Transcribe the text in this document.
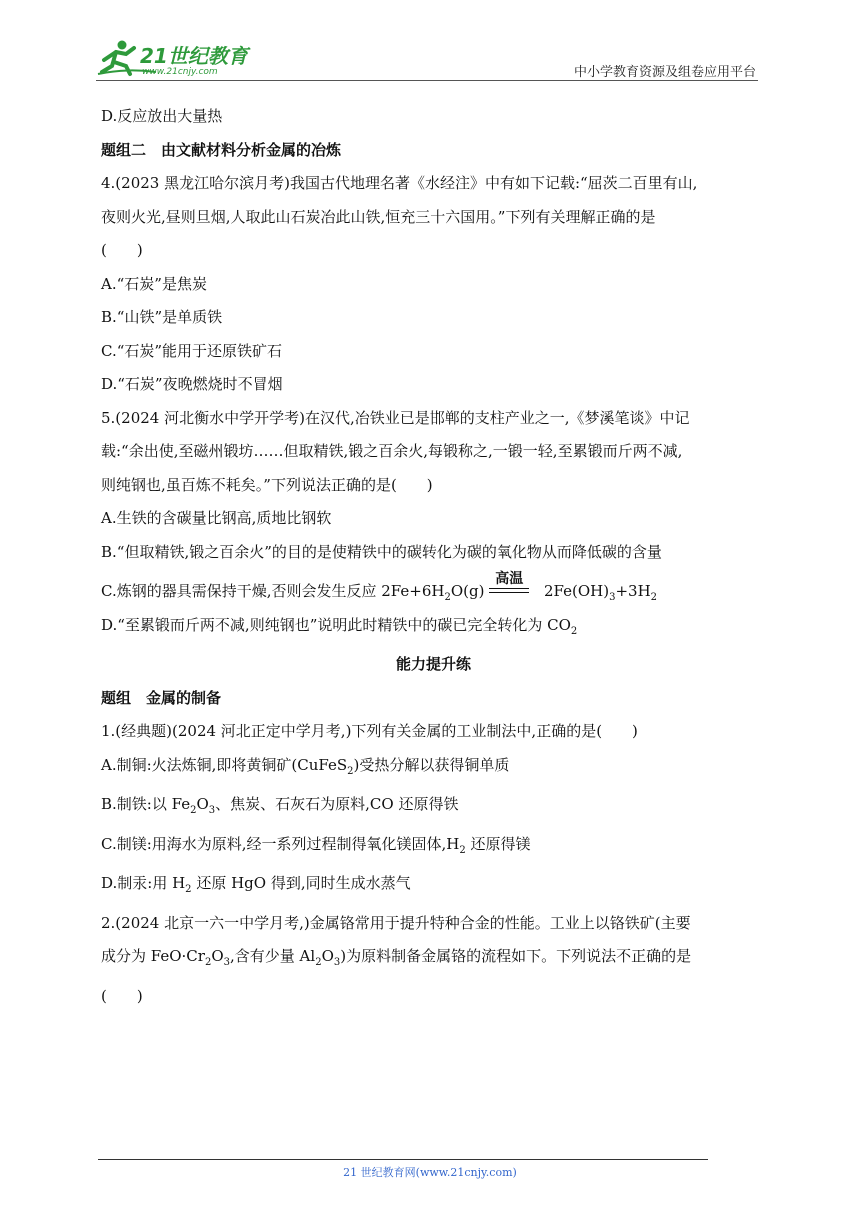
21世纪教育
www.21cnjy.com	中小学教育资源及组卷应用平台
D.反应放出大量热
题组二　由文献材料分析金属的冶炼
4.(2023 黑龙江哈尔滨月考)我国古代地理名著《水经注》中有如下记载:“屈茨二百里有山,
夜则火光,昼则旦烟,人取此山石炭冶此山铁,恒充三十六国用。”下列有关理解正确的是
(　　)
A.“石炭”是焦炭
B.“山铁”是单质铁
C.“石炭”能用于还原铁矿石
D.“石炭”夜晚燃烧时不冒烟
5.(2024 河北衡水中学开学考)在汉代,冶铁业已是邯郸的支柱产业之一,《梦溪笔谈》中记
载:“余出使,至磁州锻坊……但取精铁,锻之百余火,每锻称之,一锻一轻,至累锻而斤两不减,
则纯钢也,虽百炼不耗矣。”下列说法正确的是(　　)
A.生铁的含碳量比钢高,质地比钢软
B.“但取精铁,锻之百余火”的目的是使精铁中的碳转化为碳的氧化物从而降低碳的含量
C.炼钢的器具需保持干燥,否则会发生反应 $2Fe+6H_2O(g)$
高温
$2Fe(OH)_3+3H_2$
D.“至累锻而斤两不减,则纯钢也”说明此时精铁中的碳已完全转化为 $CO_2$
能力提升练
题组　金属的制备
1.(经典题)(2024 河北正定中学月考,)下列有关金属的工业制法中,正确的是(　　)
A.制铜:火法炼铜,即将黄铜矿(CuFeS$_2$)受热分解以获得铜单质
B.制铁:以 $Fe_2O_3$、焦炭、石灰石为原料,CO 还原得铁
C.制镁:用海水为原料,经一系列过程制得氧化镁固体$,H_2$ 还原得镁
D.制汞:用 $H_2$ 还原 HgO 得到,同时生成水蒸气
2.(2024 北京一六一中学月考,)金属铬常用于提升特种合金的性能。工业上以铬铁矿(主要
成分为 $FeO\cdot Cr_2O_3$,含有少量 $Al_2O_3$)为原料制备金属铬的流程如下。下列说法不正确的是
(　　)
21 世纪教育网(www.21cnjy.com)
